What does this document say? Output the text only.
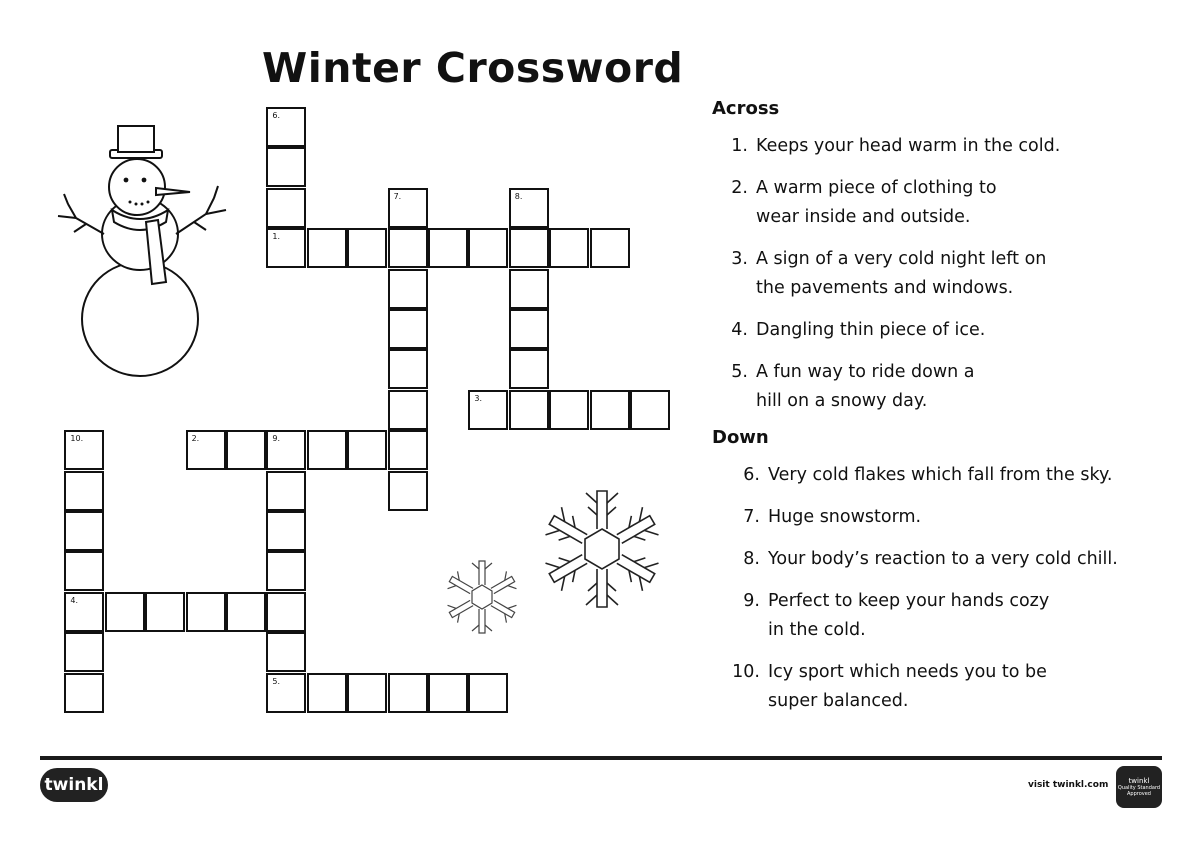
Winter Crossword
6.
1.
7.	8.
3.
2.	9.
10.
4.
5.

Across

1. Keeps your head warm in the cold.
2. A warm piece of clothing to
wear inside and outside.
3. A sign of a very cold night left on
the pavements and windows.
4. Dangling thin piece of ice.
5. A fun way to ride down a
hill on a snowy day.

Down

6. Very cold flakes which fall from the sky.
7. Huge snowstorm.
8. Your body’s reaction to a very cold chill.
9. Perfect to keep your hands cozy
in the cold.
10. Icy sport which needs you to be
super balanced.
twinkl	visit twinkl.com	twinkl
Quality Standard
Approved
